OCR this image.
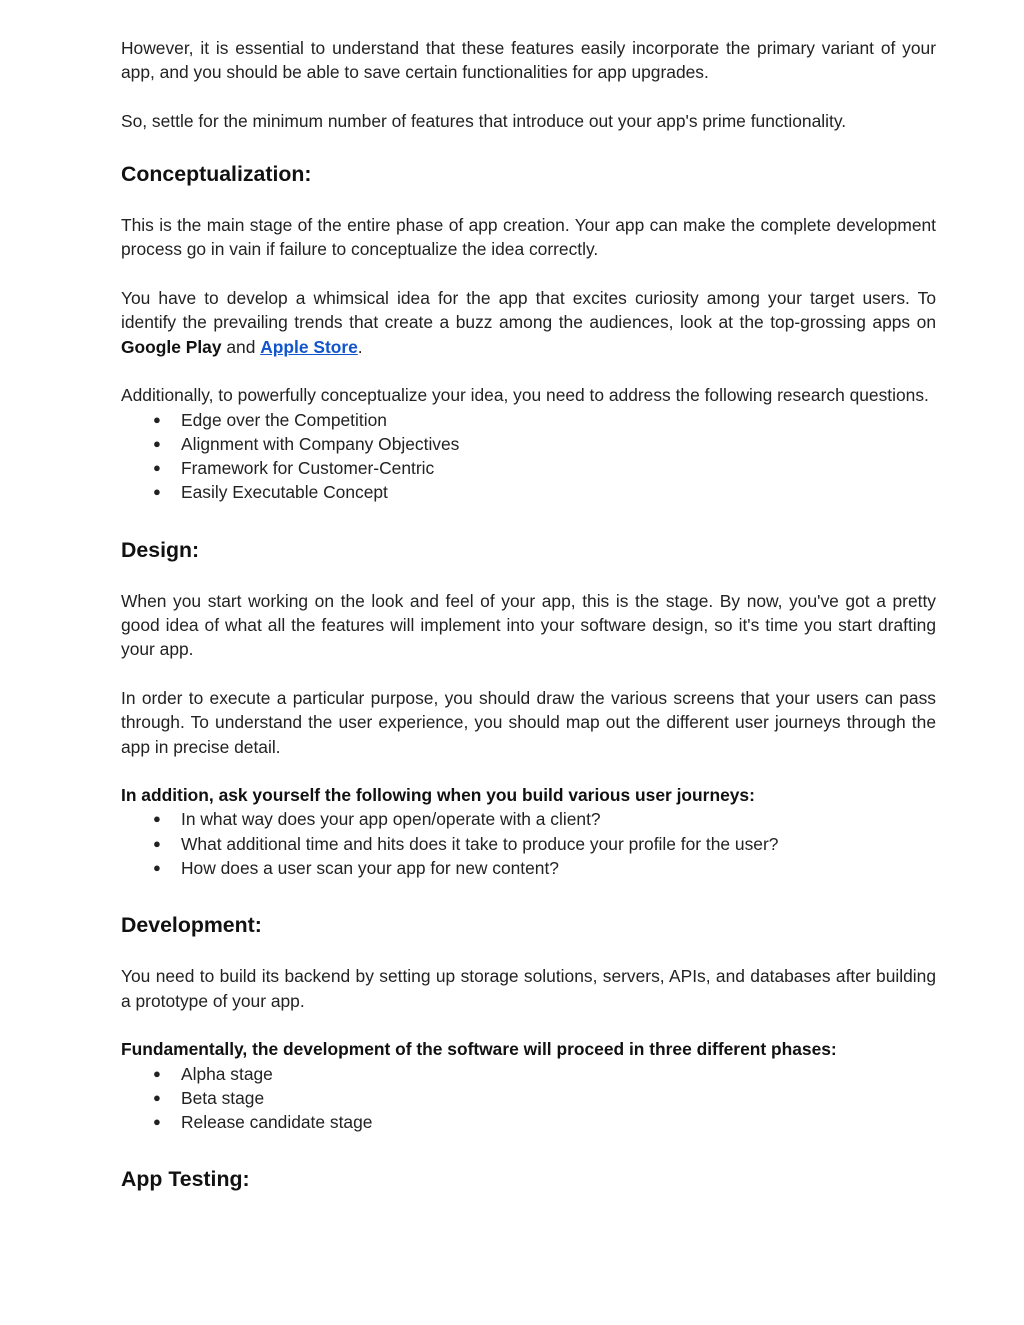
However, it is essential to understand that these features easily incorporate the primary variant of your app, and you should be able to save certain functionalities for app upgrades.

So, settle for the minimum number of features that introduce out your app's prime functionality.

Conceptualization:

This is the main stage of the entire phase of app creation. Your app can make the complete development process go in vain if failure to conceptualize the idea correctly.

You have to develop a whimsical idea for the app that excites curiosity among your target users. To identify the prevailing trends that create a buzz among the audiences, look at the top-grossing apps on Google Play and Apple Store.

Additionally, to powerfully conceptualize your idea, you need to address the following research questions.

● Edge over the Competition
● Alignment with Company Objectives
● Framework for Customer-Centric
● Easily Executable Concept
Design:

When you start working on the look and feel of your app, this is the stage. By now, you've got a pretty good idea of what all the features will implement into your software design, so it's time you start drafting your app.

In order to execute a particular purpose, you should draw the various screens that your users can pass through. To understand the user experience, you should map out the different user journeys through the app in precise detail.

In addition, ask yourself the following when you build various user journeys:

● In what way does your app open/operate with a client?
● What additional time and hits does it take to produce your profile for the user?
● How does a user scan your app for new content?
Development:

You need to build its backend by setting up storage solutions, servers, APIs, and databases after building a prototype of your app.

Fundamentally, the development of the software will proceed in three different phases:

● Alpha stage
● Beta stage
● Release candidate stage
App Testing:
